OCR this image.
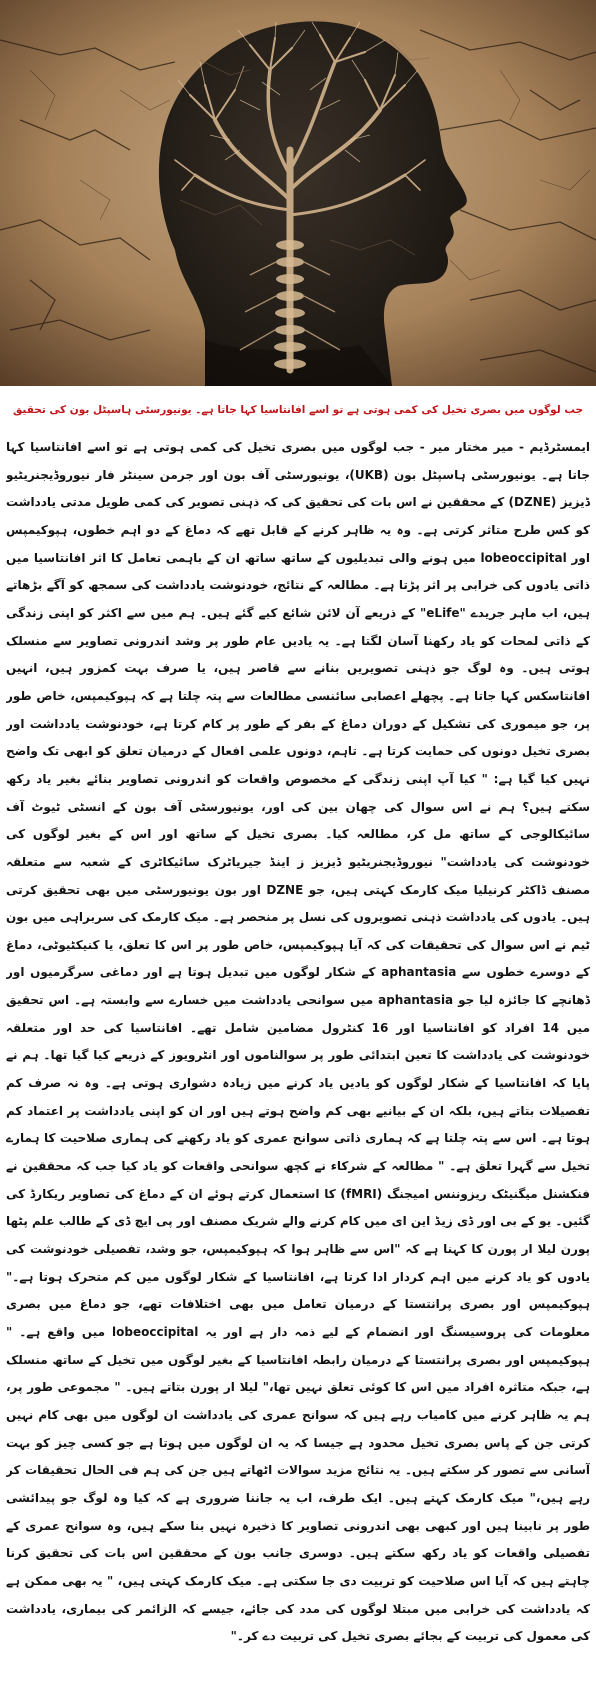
جب لوگوں میں بصری تخیل کی کمی ہوتی ہے تو اسے افانتاسیا کہا جاتا ہے۔ یونیورسٹی ہاسپٹل بون کی تحقیق

ایمسٹرڈیم - میر مختار میر - جب لوگوں میں بصری تخیل کی کمی ہوتی ہے تو اسے افانتاسیا کہا جاتا ہے۔ یونیورسٹی ہاسپٹل بون (UKB)، یونیورسٹی آف بون اور جرمن سینٹر فار نیوروڈیجنریٹیو ڈیزیز (DZNE) کے محققین نے اس بات کی تحقیق کی کہ ذہنی تصویر کی کمی طویل مدتی یادداشت کو کس طرح متاثر کرتی ہے۔ وہ یہ ظاہر کرنے کے قابل تھے کہ دماغ کے دو اہم خطوں، ہپوکیمپس اور lobeoccipital میں ہونے والی تبدیلیوں کے ساتھ ساتھ ان کے باہمی تعامل کا اثر افانتاسیا میں ذاتی یادوں کی خرابی پر اثر پڑتا ہے۔ مطالعہ کے نتائج، خودنوشت یادداشت کی سمجھ کو آگے بڑھاتے ہیں، اب ماہر جریدے "eLife" کے ذریعے آن لائن شائع کیے گئے ہیں۔ ہم میں سے اکثر کو اپنی زندگی کے ذاتی لمحات کو یاد رکھنا آسان لگتا ہے۔ یہ یادیں عام طور پر وشد اندرونی تصاویر سے منسلک ہوتی ہیں۔ وہ لوگ جو ذہنی تصویریں بنانے سے قاصر ہیں، یا صرف بہت کمزور ہیں، انہیں افانتاسکس کہا جاتا ہے۔ پچھلے اعصابی سائنسی مطالعات سے پتہ چلتا ہے کہ ہپوکیمپس، خاص طور پر، جو میموری کی تشکیل کے دوران دماغ کے بفر کے طور پر کام کرتا ہے، خودنوشت یادداشت اور بصری تخیل دونوں کی حمایت کرتا ہے۔ تاہم، دونوں علمی افعال کے درمیان تعلق کو ابھی تک واضح نہیں کیا گیا ہے: " کیا آپ اپنی زندگی کے مخصوص واقعات کو اندرونی تصاویر بنائے بغیر یاد رکھ سکتے ہیں؟ ہم نے اس سوال کی چھان بین کی اور، یونیورسٹی آف بون کے انسٹی ٹیوٹ آف سائیکالوجی کے ساتھ مل کر، مطالعہ کیا۔ بصری تخیل کے ساتھ اور اس کے بغیر لوگوں کی خودنوشت کی یادداشت" نیوروڈیجنریٹیو ڈیزیز ز اینڈ جیریاٹرک سائیکاٹری کے شعبہ سے متعلقہ مصنف ڈاکٹر کرنیلیا میک کارمک کہتی ہیں، جو DZNE اور بون یونیورسٹی میں بھی تحقیق کرتی ہیں۔ یادوں کی یادداشت ذہنی تصویروں کی نسل پر منحصر ہے۔ میک کارمک کی سربراہی میں بون ٹیم نے اس سوال کی تحقیقات کی کہ آیا ہپوکیمپس، خاص طور پر اس کا تعلق، یا کنیکٹیوٹی، دماغ کے دوسرے خطوں سے aphantasia کے شکار لوگوں میں تبدیل ہوتا ہے اور دماغی سرگرمیوں اور ڈھانچے کا جائزہ لیا جو aphantasia میں سوانحی یادداشت میں خسارے سے وابستہ ہے۔ اس تحقیق میں 14 افراد کو افانتاسیا اور 16 کنٹرول مضامین شامل تھے۔ افانتاسیا کی حد اور متعلقہ خودنوشت کی یادداشت کا تعین ابتدائی طور پر سوالناموں اور انٹرویوز کے ذریعے کیا گیا تھا۔ ہم نے پایا کہ افانتاسیا کے شکار لوگوں کو یادیں یاد کرنے میں زیادہ دشواری ہوتی ہے۔ وہ نہ صرف کم تفصیلات بتاتے ہیں، بلکہ ان کے بیانیے بھی کم واضح ہوتے ہیں اور ان کو اپنی یادداشت پر اعتماد کم ہوتا ہے۔ اس سے پتہ چلتا ہے کہ ہماری ذاتی سوانح عمری کو یاد رکھنے کی ہماری صلاحیت کا ہمارے تخیل سے گہرا تعلق ہے۔ " مطالعہ کے شرکاء نے کچھ سوانحی واقعات کو یاد کیا جب کہ محققین نے فنکشنل میگنیٹک ریزوننس امیجنگ (fMRI) کا استعمال کرتے ہوئے ان کے دماغ کی تصاویر ریکارڈ کی گئیں۔ یو کے بی اور ڈی زیڈ این ای میں کام کرنے والے شریک مصنف اور پی ایچ ڈی کے طالب علم پٹھا پورن لیلا ار پورن کا کہنا ہے کہ "اس سے ظاہر ہوا کہ ہپوکیمپس، جو وشد، تفصیلی خودنوشت کی یادوں کو یاد کرنے میں اہم کردار ادا کرتا ہے، افانتاسیا کے شکار لوگوں میں کم متحرک ہوتا ہے۔" ہپوکیمپس اور بصری پرانتستا کے درمیان تعامل میں بھی اختلافات تھے، جو دماغ میں بصری معلومات کی پروسیسنگ اور انضمام کے لیے ذمہ دار ہے اور یہ lobeoccipital میں واقع ہے۔ " ہپوکیمپس اور بصری پرانتستا کے درمیان رابطہ افانتاسیا کے بغیر لوگوں میں تخیل کے ساتھ منسلک ہے، جبکہ متاثرہ افراد میں اس کا کوئی تعلق نہیں تھا،" لیلا ار پورن بتاتے ہیں۔ " مجموعی طور پر، ہم یہ ظاہر کرنے میں کامیاب رہے ہیں کہ سوانح عمری کی یادداشت ان لوگوں میں بھی کام نہیں کرتی جن کے پاس بصری تخیل محدود ہے جیسا کہ یہ ان لوگوں میں ہوتا ہے جو کسی چیز کو بہت آسانی سے تصور کر سکتے ہیں۔ یہ نتائج مزید سوالات اٹھاتے ہیں جن کی ہم فی الحال تحقیقات کر رہے ہیں،" میک کارمک کہتے ہیں۔ ایک طرف، اب یہ جاننا ضروری ہے کہ کیا وہ لوگ جو پیدائشی طور پر نابینا ہیں اور کبھی بھی اندرونی تصاویر کا ذخیرہ نہیں بنا سکے ہیں، وہ سوانح عمری کے تفصیلی واقعات کو یاد رکھ سکتے ہیں۔ دوسری جانب بون کے محققین اس بات کی تحقیق کرنا چاہتے ہیں کہ آیا اس صلاحیت کو تربیت دی جا سکتی ہے۔ میک کارمک کہتی ہیں، " یہ بھی ممکن ہے کہ یادداشت کی خرابی میں مبتلا لوگوں کی مدد کی جائے، جیسے کہ الزائمر کی بیماری، یادداشت کی معمول کی تربیت کے بجائے بصری تخیل کی تربیت دے کر۔"
